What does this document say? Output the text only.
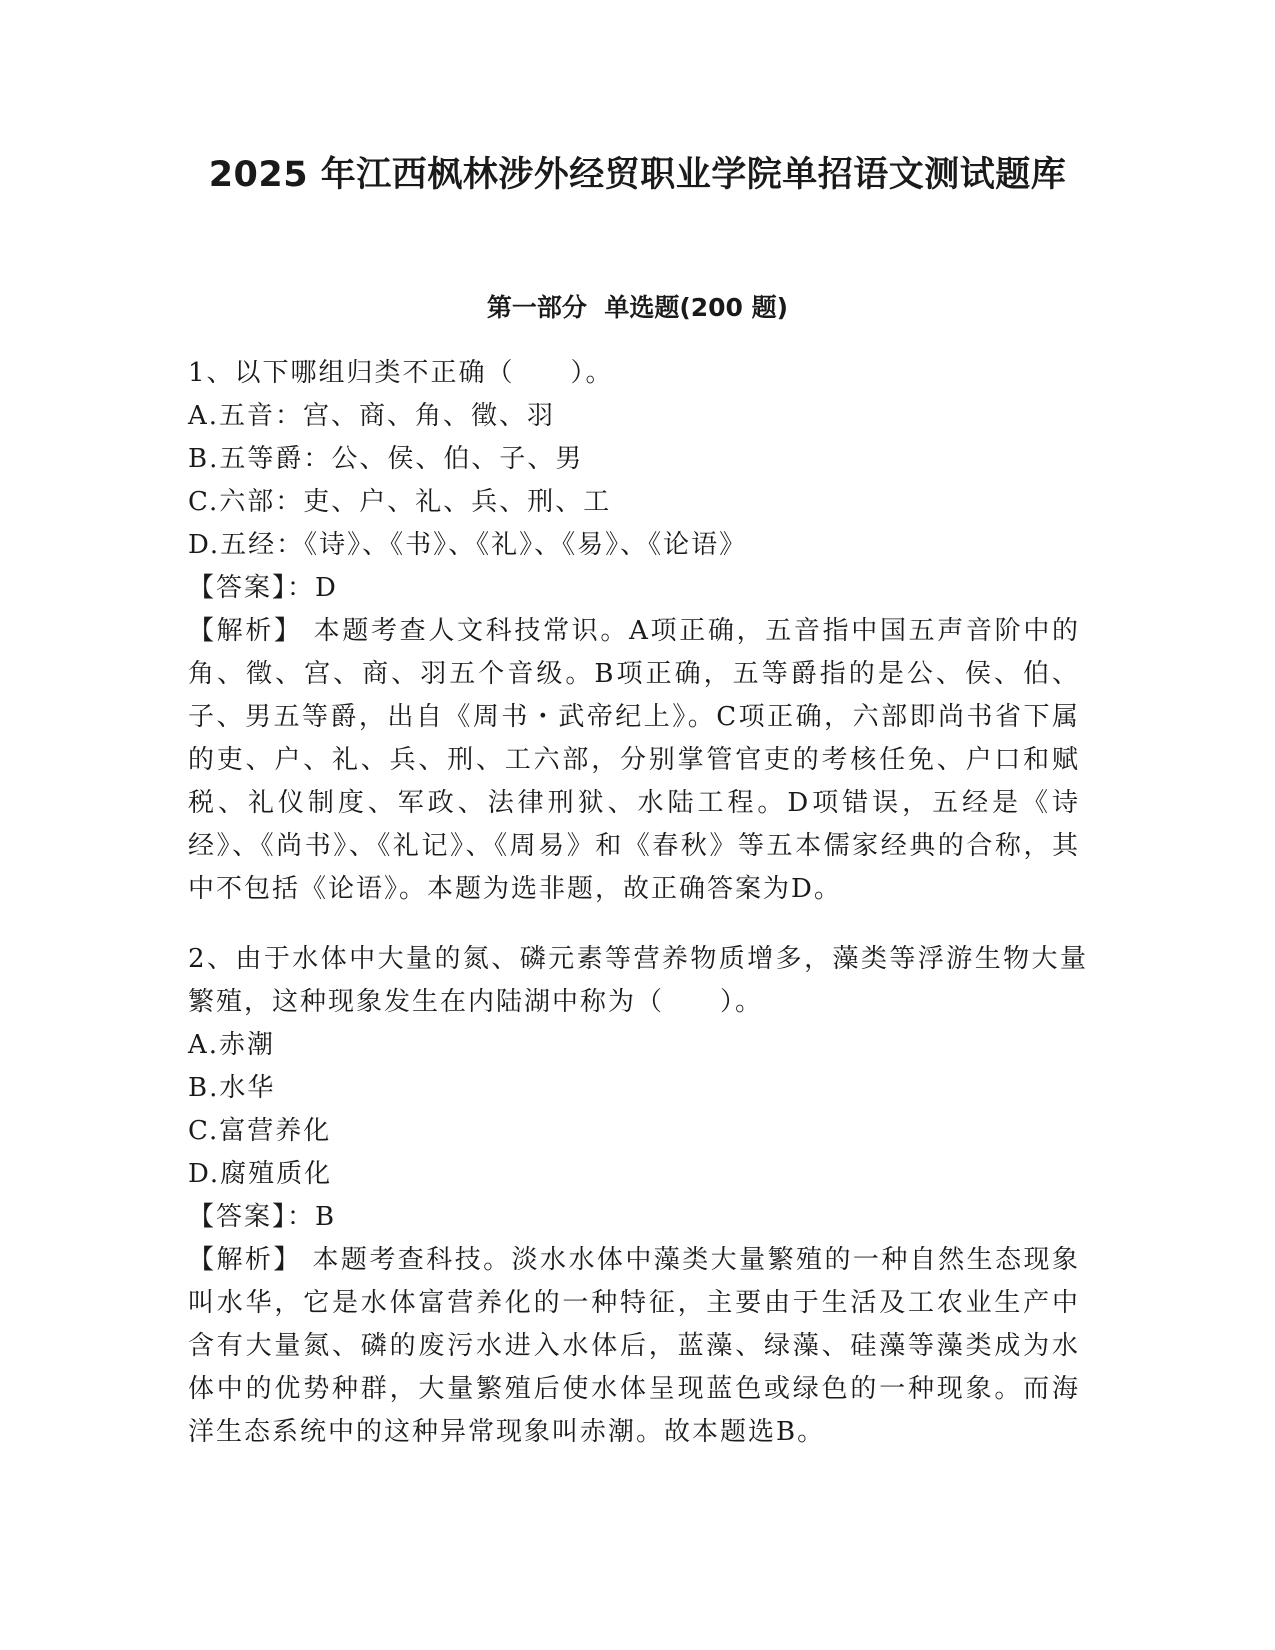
2025 年江西枫林涉外经贸职业学院单招语文测试题库
第一部分  单选题(200 题)

1、以下哪组归类不正确（　　）。

A.五音：宫、商、角、徵、羽

B.五等爵：公、侯、伯、子、男

C.六部：吏、户、礼、兵、刑、工

D.五经：《诗》、《书》、《礼》、《易》、《论语》

【答案】：D

【解析】 本题考查人文科技常识。A项正确，五音指中国五声音阶中的角、徵、宫、商、羽五个音级。B项正确，五等爵指的是公、侯、伯、子、男五等爵，出自《周书・武帝纪上》。C项正确，六部即尚书省下属的吏、户、礼、兵、刑、工六部，分别掌管官吏的考核任免、户口和赋税、礼仪制度、军政、法律刑狱、水陆工程。D项错误，五经是《诗经》、《尚书》、《礼记》、《周易》和《春秋》等五本儒家经典的合称，其中不包括《论语》。本题为选非题，故正确答案为D。

2、由于水体中大量的氮、磷元素等营养物质增多，藻类等浮游生物大量繁殖，这种现象发生在内陆湖中称为（　　）。

A.赤潮

B.水华

C.富营养化

D.腐殖质化

【答案】：B

【解析】 本题考查科技。淡水水体中藻类大量繁殖的一种自然生态现象叫水华，它是水体富营养化的一种特征，主要由于生活及工农业生产中含有大量氮、磷的废污水进入水体后，蓝藻、绿藻、硅藻等藻类成为水体中的优势种群，大量繁殖后使水体呈现蓝色或绿色的一种现象。而海洋生态系统中的这种异常现象叫赤潮。故本题选B。
